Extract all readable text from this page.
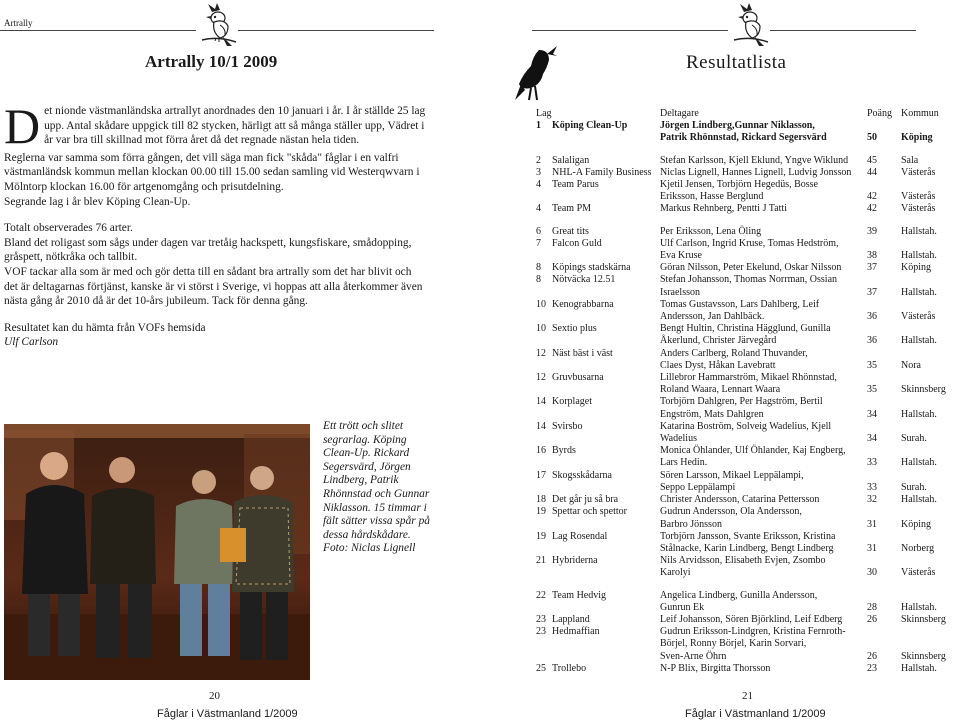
Artrally
Artrally 10/1 2009

Det nionde västmanländska artrallyt anordnades den 10 januari i år. I år ställde 25 lag upp. Antal skådare uppgick till 82 stycken, härligt att så många ställer upp, Vädret i år var bra till skillnad mot förra året då det regnade nästan hela tiden.

Reglerna var samma som förra gången, det vill säga man fick "skåda" fåglar i en valfri västmanländsk kommun mellan klockan 00.00 till 15.00 sedan samling vid Westerqwvarn i Mölntorp klockan 16.00 för artgenomgång och prisutdelning.

Segrande lag i år blev Köping Clean-Up.

Totalt observerades 76 arter.

Bland det roligast som sågs under dagen var tretåig hackspett, kungsfiskare, smådopping, gråspett, nötkråka och tallbit.

VOF tackar alla som är med och gör detta till en sådant bra artrally som det har blivit och det är deltagarnas förtjänst, kanske är vi störst i Sverige, vi hoppas att alla återkommer även nästa gång år 2010 då är det 10-års jubileum. Tack för denna gång.

Resultatet kan du hämta från VOFs hemsida

Ulf Carlson

Ett trött och slitet segrarlag. Köping Clean-Up. Rickard Segersvärd, Jörgen Lindberg, Patrik Rhönnstad och Gunnar Niklasson. 15 timmar i fält sätter vissa spår på dessa hårdskådare. Foto: Niclas Lignell
20
Fåglar i Västmanland 1/2009
Resultatlista
Lag	Deltagare	Poäng	Kommun
1 Köping Clean-Up	Jörgen Lindberg,Gunnar Niklasson,		
	Patrik Rhönnstad, Rickard Segersvärd	50	Köping
2 Salaligan	Stefan Karlsson, Kjell Eklund, Yngve Wiklund	45	Sala
3 NHL-A Family Business	Niclas Lignell, Hannes Lignell, Ludvig Jonsson	44	Västerås
4 Team Parus	Kjetil Jensen, Torbjörn Hegedüs, Bosse		
	Eriksson, Hasse Berglund	42	Västerås
4 Team PM	Markus Rehnberg, Pentti J Tatti	42	Västerås
6 Great tits	Per Eriksson, Lena Öling	39	Hallstah.
7 Falcon Guld	Ulf Carlson, Ingrid Kruse, Tomas Hedström,		
	Eva Kruse	38	Hallstah.
8 Köpings stadskärna	Göran Nilsson, Peter Ekelund, Oskar Nilsson	37	Köping
8 Nötväcka 12.51	Stefan Johansson, Thomas Norrman, Ossian		
	Israelsson	37	Hallstah.
10 Kenograbbarna	Tomas Gustavsson, Lars Dahlberg, Leif		
	Andersson, Jan Dahlbäck.	36	Västerås
10 Sextio plus	Bengt Hultin, Christina Hägglund, Gunilla		
	Åkerlund, Christer Järvegård	36	Hallstah.
12 Näst bäst i väst	Anders Carlberg, Roland Thuvander,		
	Claes Dyst, Håkan Lavebratt	35	Nora
12 Gruvbusarna	Lillebror Hammarström, Mikael Rhönnstad,		
	Roland Waara, Lennart Waara	35	Skinnsberg
14 Korplaget	Torbjörn Dahlgren, Per Hagström, Bertil		
	Engström, Mats Dahlgren	34	Hallstah.
14 Svirsbo	Katarina Boström, Solveig Wadelius, Kjell		
	Wadelius	34	Surah.
16 Byrds	Monica Öhlander, Ulf Öhlander, Kaj Engberg,		
	Lars Hedin.	33	Hallstah.
17 Skogsskådarna	Sören Larsson, Mikael Leppälampi,		
	Seppo Leppälampi	33	Surah.
18 Det går ju så bra	Christer Andersson, Catarina Pettersson	32	Hallstah.
19 Spettar och spettor	Gudrun Andersson, Ola Andersson,		
	Barbro Jönsson	31	Köping
19 Lag Rosendal	Torbjörn Jansson, Svante Eriksson, Kristina		
	Stålnacke, Karin Lindberg, Bengt Lindberg	31	Norberg
21 Hybriderna	Nils Arvidsson, Elisabeth Evjen, Zsombo		
	Karolyi	30	Västerås
22 Team Hedvig	Angelica Lindberg, Gunilla Andersson,		
	Gunrun Ek	28	Hallstah.
23 Lappland	Leif Johansson, Sören Björklind, Leif Edberg	26	Skinnsberg
23 Hedmaffian	Gudrun Eriksson-Lindgren, Kristina Fernroth-		
	Börjel, Ronny Börjel, Karin Sorvari,		
	Sven-Arne Öhrn	26	Skinnsberg
25 Trollebo	N-P Blix, Birgitta Thorsson	23	Hallstah.
21
Fåglar i Västmanland 1/2009
